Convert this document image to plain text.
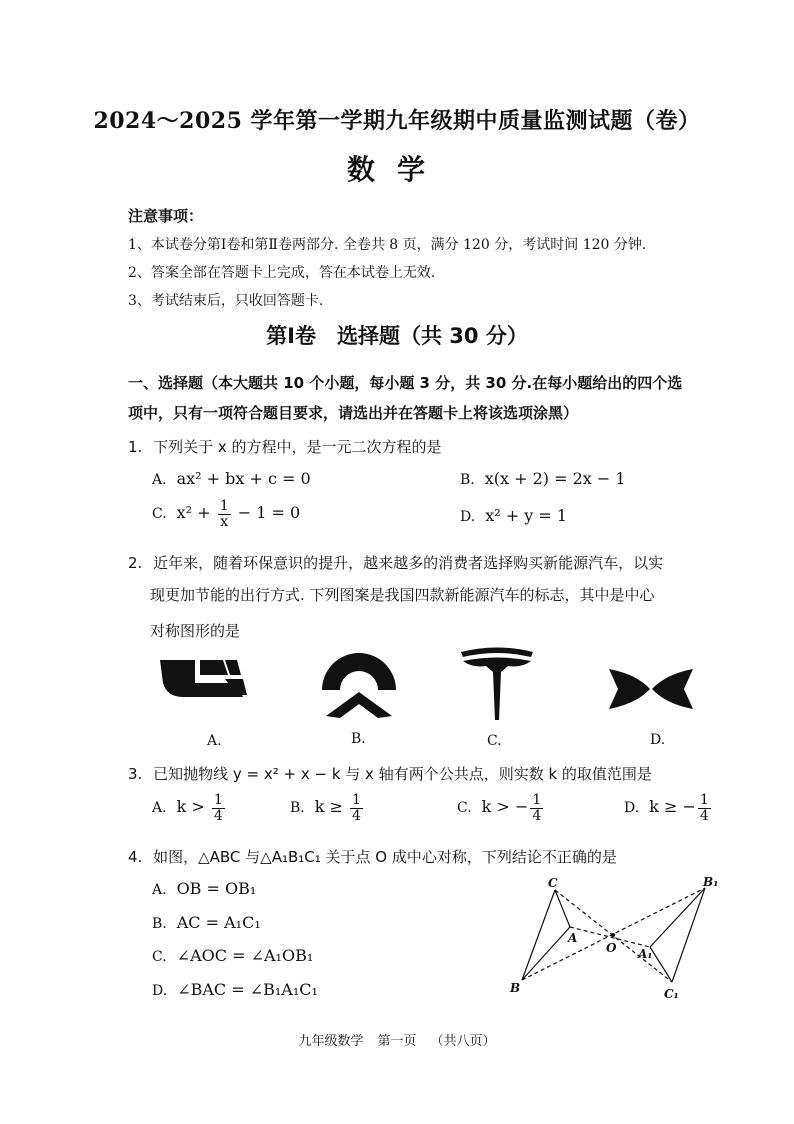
2024～2025 学年第一学期九年级期中质量监测试题（卷）
数学
注意事项：
1、本试卷分第Ⅰ卷和第Ⅱ卷两部分. 全卷共 8 页，满分 120 分，考试时间 120 分钟.
2、答案全部在答题卡上完成，答在本试卷上无效.
3、考试结束后，只收回答题卡.
第Ⅰ卷　选择题（共 30 分）
一、选择题（本大题共 10 个小题，每小题 3 分，共 30 分.在每小题给出的四个选
项中，只有一项符合题目要求，请选出并在答题卡上将该选项涂黑）
1. 下列关于 x 的方程中，是一元二次方程的是
A. ax² + bx + c = 0	B. x(x + 2) = 2x − 1
C. $x^2 + \frac{1}{x} - 1 = 0$	D. x² + y = 1
2. 近年来，随着环保意识的提升，越来越多的消费者选择购买新能源汽车，以实
现更加节能的出行方式. 下列图案是我国四款新能源汽车的标志，其中是中心
对称图形的是
A.	B.	C.	D.
3. 已知抛物线 y = x² + x − k 与 x 轴有两个公共点，则实数 k 的取值范围是
A. $k > \frac{1}{4}$	B. $k \ge \frac{1}{4}$	C. k > − $\frac{1}{4}$	D. k ≥ − $\frac{1}{4}$
4. 如图，△ABC 与△A₁B₁C₁ 关于点 O 成中心对称，下列结论不正确的是
A. OB = OB₁
B. AC = A₁C₁
C. ∠AOC = ∠A₁OB₁
D. ∠BAC = ∠B₁A₁C₁
C
A
B
O A₁
B₁
C₁
九年级数学 第一页 （共八页）
